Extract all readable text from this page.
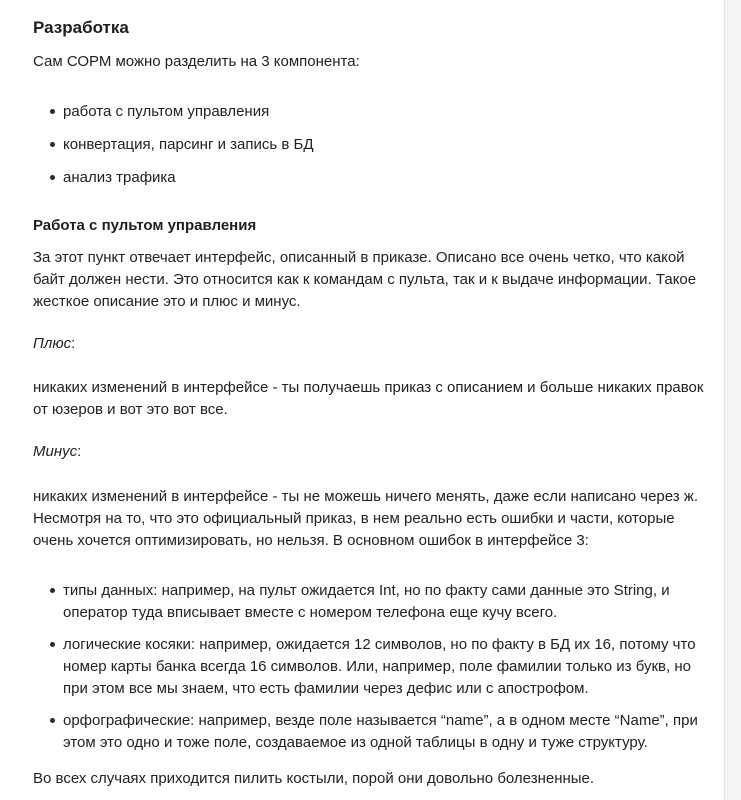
Разработка
Сам СОРМ можно разделить на 3 компонента:
работа с пультом управления
конвертация, парсинг и запись в БД
анализ трафика
Работа с пультом управления
За этот пункт отвечает интерфейс, описанный в приказе. Описано все очень четко, что какой
байт должен нести. Это относится как к командам с пульта, так и к выдаче информации. Такое
жесткое описание это и плюс и минус.
Плюс:
никаких изменений в интерфейсе - ты получаешь приказ с описанием и больше никаких правок
от юзеров и вот это вот все.
Минус:
никаких изменений в интерфейсе - ты не можешь ничего менять, даже если написано через ж.
Несмотря на то, что это официальный приказ, в нем реально есть ошибки и части, которые
очень хочется оптимизировать, но нельзя. В основном ошибок в интерфейсе 3:
типы данных: например, на пульт ожидается Int, но по факту сами данные это String, и
оператор туда вписывает вместе с номером телефона еще кучу всего.
логические косяки: например, ожидается 12 символов, но по факту в БД их 16, потому что
номер карты банка всегда 16 символов. Или, например, поле фамилии только из букв, но
при этом все мы знаем, что есть фамилии через дефис или с апострофом.
орфографические: например, везде поле называется “name”, а в одном месте “Name”, при
этом это одно и тоже поле, создаваемое из одной таблицы в одну и туже структуру.
Во всех случаях приходится пилить костыли, порой они довольно болезненные.
